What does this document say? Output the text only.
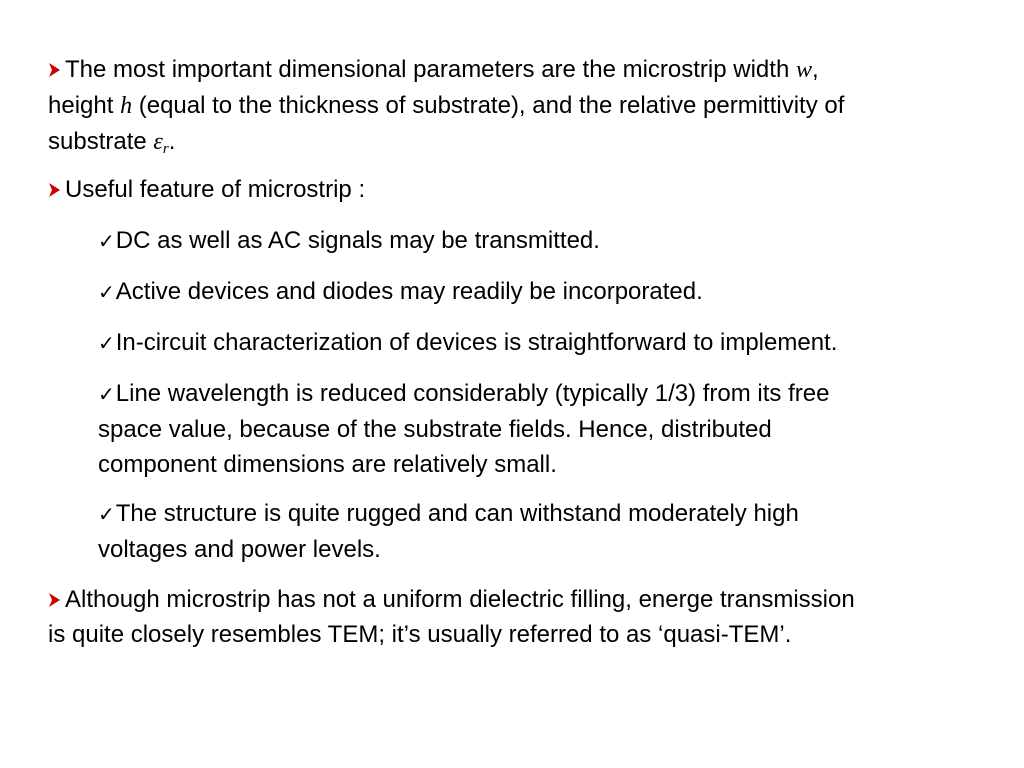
The most important dimensional parameters are the microstrip width w,
height h (equal to the thickness of substrate), and the relative permittivity of
substrate $\varepsilon_r$.
Useful feature of microstrip :
✓DC as well as AC signals may be transmitted.
✓Active devices and diodes may readily be incorporated.
✓In-circuit characterization of devices is straightforward to implement.
✓Line wavelength is reduced considerably (typically 1/3) from its free
space value, because of the substrate fields. Hence, distributed
component dimensions are relatively small.
✓The structure is quite rugged and can withstand moderately high
voltages and power levels.
Although microstrip has not a uniform dielectric filling, energe transmission
is quite closely resembles TEM; it’s usually referred to as ‘quasi-TEM’.
